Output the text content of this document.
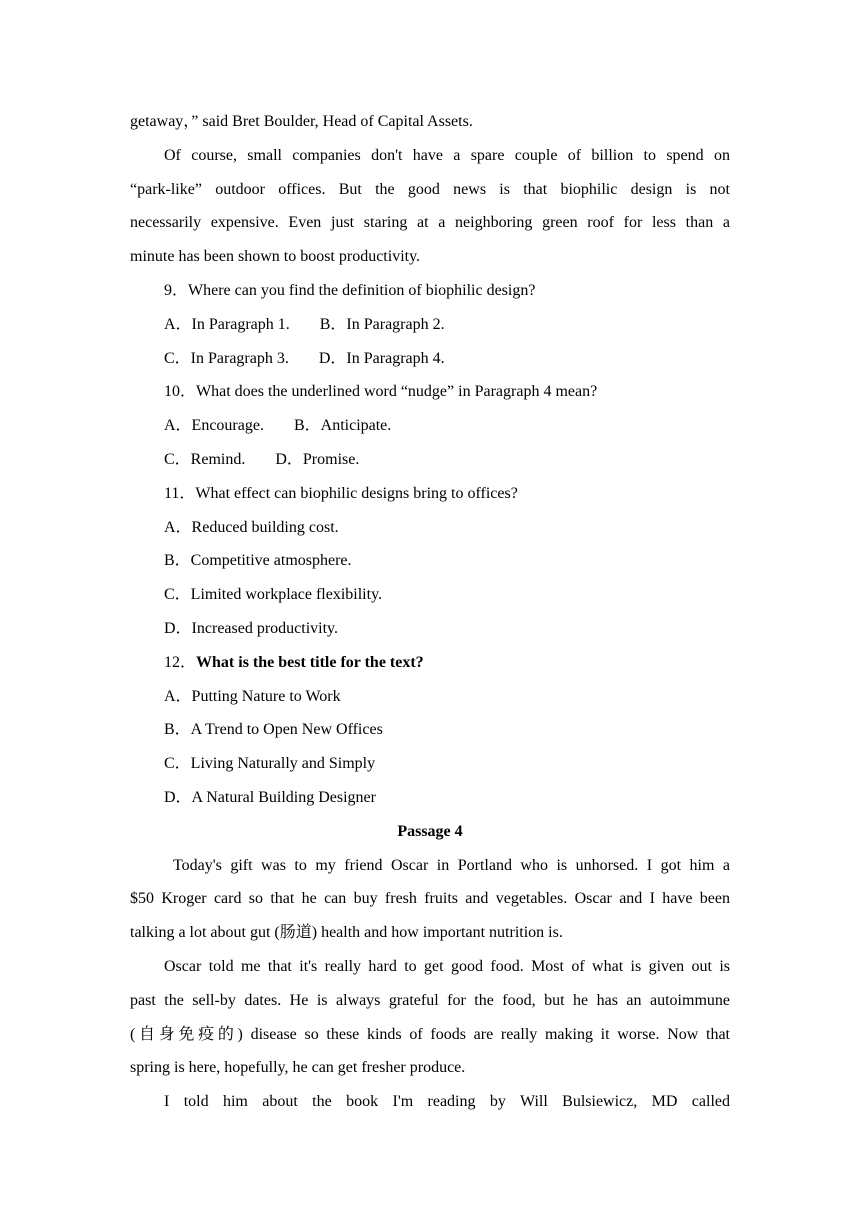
getaway，” said Bret Boulder, Head of Capital Assets.
Of course, small companies don't have a spare couple of billion to spend on
“park-like” outdoor offices. But the good news is that biophilic design is not
necessarily expensive. Even just staring at a neighboring green roof for less than a
minute has been shown to boost productivity.
9．Where can you find the definition of biophilic design?
A．In Paragraph 1. B．In Paragraph 2.
C．In Paragraph 3. D．In Paragraph 4.
10．What does the underlined word “nudge” in Paragraph 4 mean?
A．Encourage. B．Anticipate.
C．Remind. D．Promise.
11．What effect can biophilic designs bring to offices?
A．Reduced building cost.
B．Competitive atmosphere.
C．Limited workplace flexibility.
D．Increased productivity.
12．What is the best title for the text?
A．Putting Nature to Work
B．A Trend to Open New Offices
C．Living Naturally and Simply
D．A Natural Building Designer
Passage 4
Today's gift was to my friend Oscar in Portland who is unhorsed. I got him a
$50 Kroger card so that he can buy fresh fruits and vegetables. Oscar and I have been
talking a lot about gut (肠道) health and how important nutrition is.
Oscar told me that it's really hard to get good food. Most of what is given out is
past the sell-by dates. He is always grateful for the food, but he has an autoimmune
(自身免疫的) disease so these kinds of foods are really making it worse. Now that
spring is here, hopefully, he can get fresher produce.
I told him about the book I'm reading by Will Bulsiewicz, MD called
